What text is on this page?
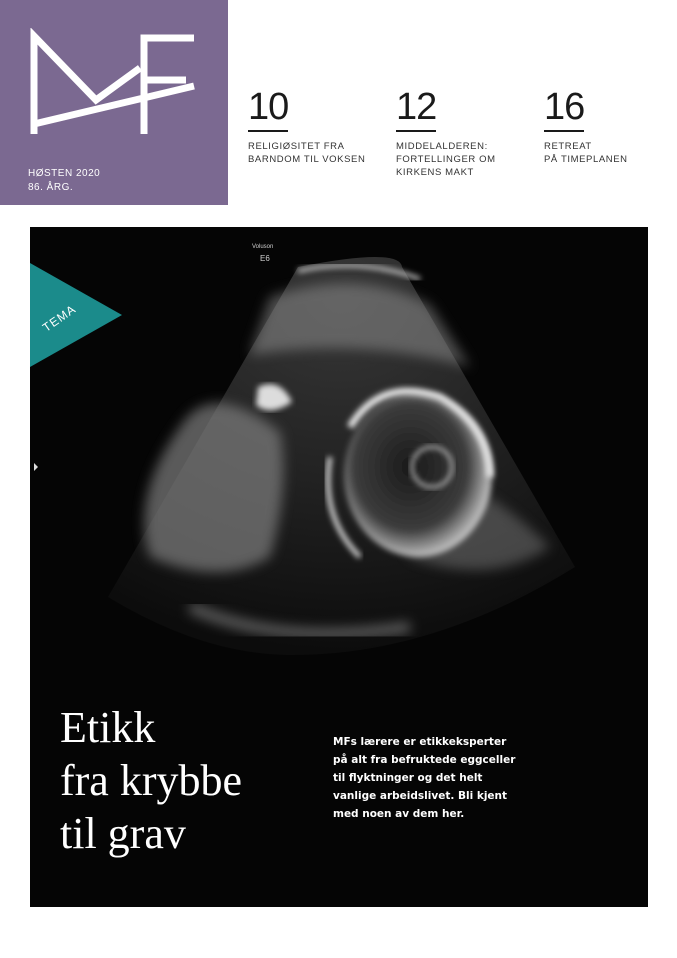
HØSTEN 2020
86. ÅRG.
10
RELIGIØSITET FRA
BARNDOM TIL VOKSEN
12
MIDDELALDEREN:
FORTELLINGER OM
KIRKENS MAKT
16
RETREAT
PÅ TIMEPLANEN
Voluson
E6
TEMA
Etikk
fra krybbe
til grav

MFs lærere er etikkeksperter på alt fra befruktede eggceller til flyktninger og det helt vanlige arbeidslivet. Bli kjent med noen av dem her.
